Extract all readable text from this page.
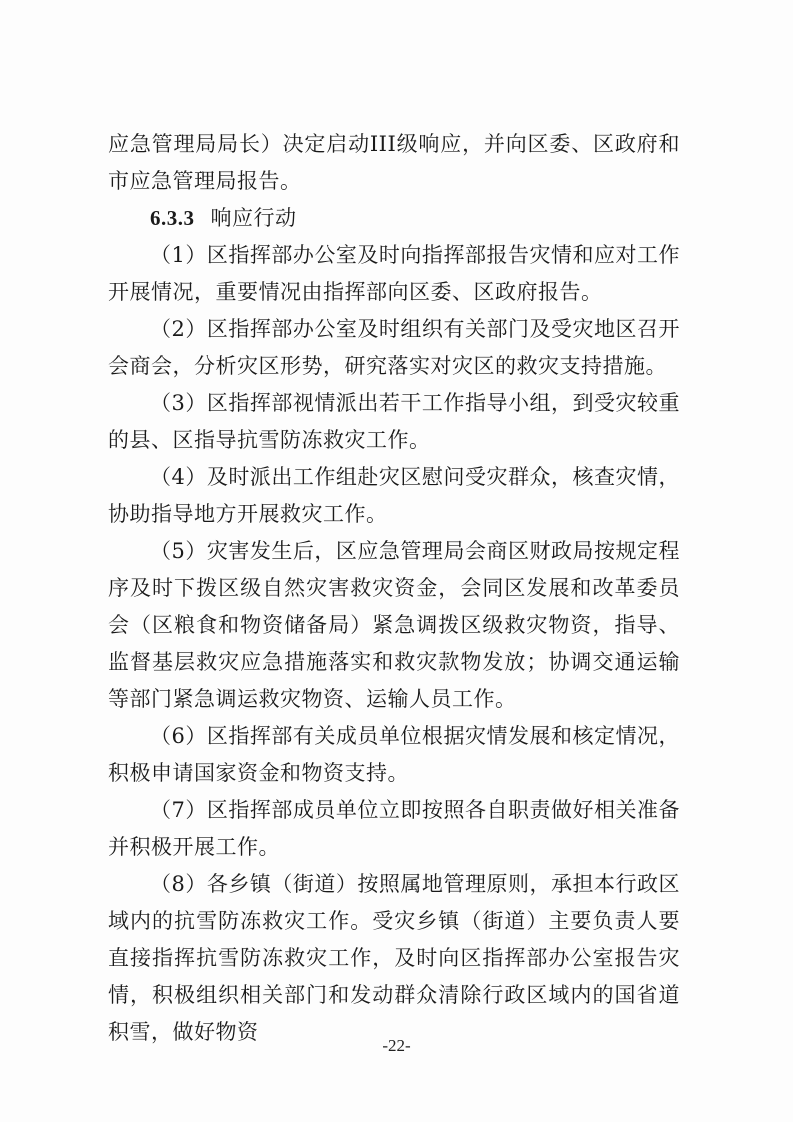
应急管理局局长）决定启动III级响应，并向区委、区政府和市应急管理局报告。

6.3.3 响应行动

（1）区指挥部办公室及时向指挥部报告灾情和应对工作开展情况，重要情况由指挥部向区委、区政府报告。

（2）区指挥部办公室及时组织有关部门及受灾地区召开会商会，分析灾区形势，研究落实对灾区的救灾支持措施。

（3）区指挥部视情派出若干工作指导小组，到受灾较重的县、区指导抗雪防冻救灾工作。

（4）及时派出工作组赴灾区慰问受灾群众，核查灾情，协助指导地方开展救灾工作。

（5）灾害发生后，区应急管理局会商区财政局按规定程序及时下拨区级自然灾害救灾资金，会同区发展和改革委员会（区粮食和物资储备局）紧急调拨区级救灾物资，指导、监督基层救灾应急措施落实和救灾款物发放；协调交通运输等部门紧急调运救灾物资、运输人员工作。

（6）区指挥部有关成员单位根据灾情发展和核定情况，积极申请国家资金和物资支持。

（7）区指挥部成员单位立即按照各自职责做好相关准备并积极开展工作。

（8）各乡镇（街道）按照属地管理原则，承担本行政区域内的抗雪防冻救灾工作。受灾乡镇（街道）主要负责人要直接指挥抗雪防冻救灾工作，及时向区指挥部办公室报告灾情，积极组织相关部门和发动群众清除行政区域内的国省道积雪，做好物资

-22-
